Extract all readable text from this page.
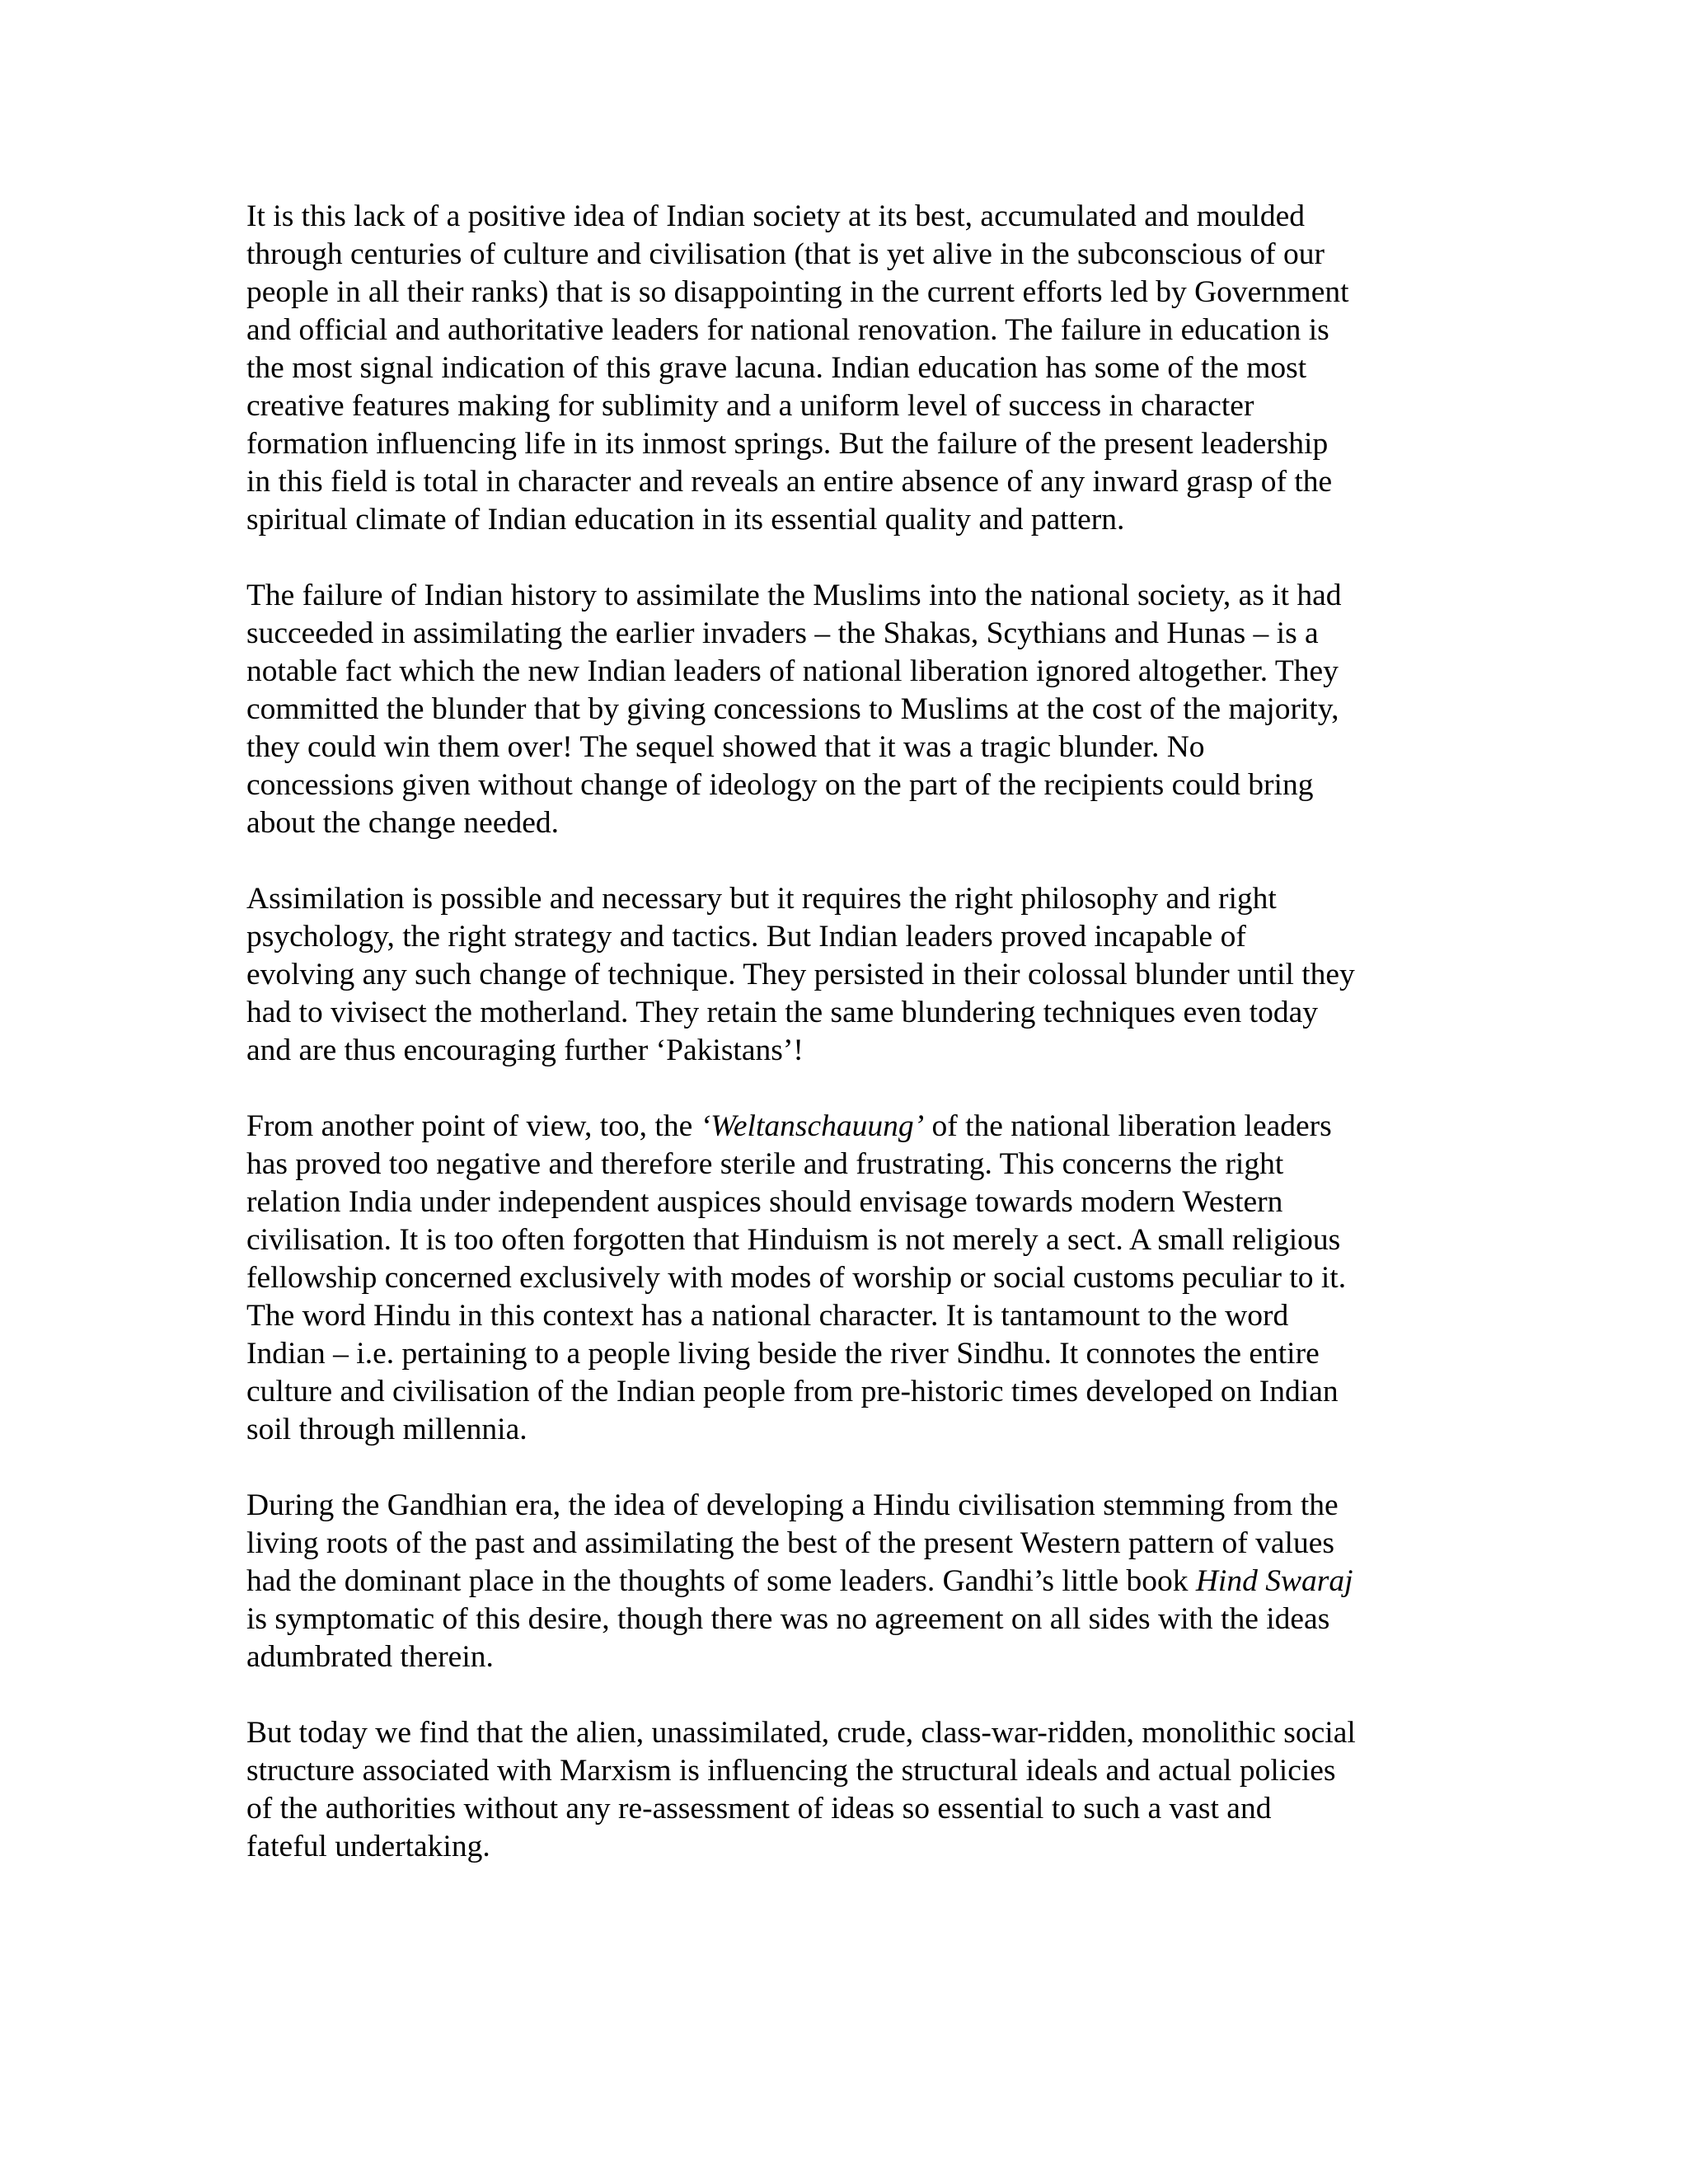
It is this lack of a positive idea of Indian society at its best, accumulated and moulded
through centuries of culture and civilisation (that is yet alive in the subconscious of our
people in all their ranks) that is so disappointing in the current efforts led by Government
and official and authoritative leaders for national renovation. The failure in education is
the most signal indication of this grave lacuna. Indian education has some of the most
creative features making for sublimity and a uniform level of success in character
formation influencing life in its inmost springs. But the failure of the present leadership
in this field is total in character and reveals an entire absence of any inward grasp of the
spiritual climate of Indian education in its essential quality and pattern.

The failure of Indian history to assimilate the Muslims into the national society, as it had
succeeded in assimilating the earlier invaders – the Shakas, Scythians and Hunas – is a
notable fact which the new Indian leaders of national liberation ignored altogether. They
committed the blunder that by giving concessions to Muslims at the cost of the majority,
they could win them over! The sequel showed that it was a tragic blunder. No
concessions given without change of ideology on the part of the recipients could bring
about the change needed.

Assimilation is possible and necessary but it requires the right philosophy and right
psychology, the right strategy and tactics. But Indian leaders proved incapable of
evolving any such change of technique. They persisted in their colossal blunder until they
had to vivisect the motherland. They retain the same blundering techniques even today
and are thus encouraging further ‘Pakistans’!

From another point of view, too, the ‘Weltanschauung’ of the national liberation leaders
has proved too negative and therefore sterile and frustrating. This concerns the right
relation India under independent auspices should envisage towards modern Western
civilisation. It is too often forgotten that Hinduism is not merely a sect. A small religious
fellowship concerned exclusively with modes of worship or social customs peculiar to it.
The word Hindu in this context has a national character. It is tantamount to the word
Indian – i.e. pertaining to a people living beside the river Sindhu. It connotes the entire
culture and civilisation of the Indian people from pre-historic times developed on Indian
soil through millennia.

During the Gandhian era, the idea of developing a Hindu civilisation stemming from the
living roots of the past and assimilating the best of the present Western pattern of values
had the dominant place in the thoughts of some leaders. Gandhi’s little book Hind Swaraj
is symptomatic of this desire, though there was no agreement on all sides with the ideas
adumbrated therein.

But today we find that the alien, unassimilated, crude, class-war-ridden, monolithic social
structure associated with Marxism is influencing the structural ideals and actual policies
of the authorities without any re-assessment of ideas so essential to such a vast and
fateful undertaking.
